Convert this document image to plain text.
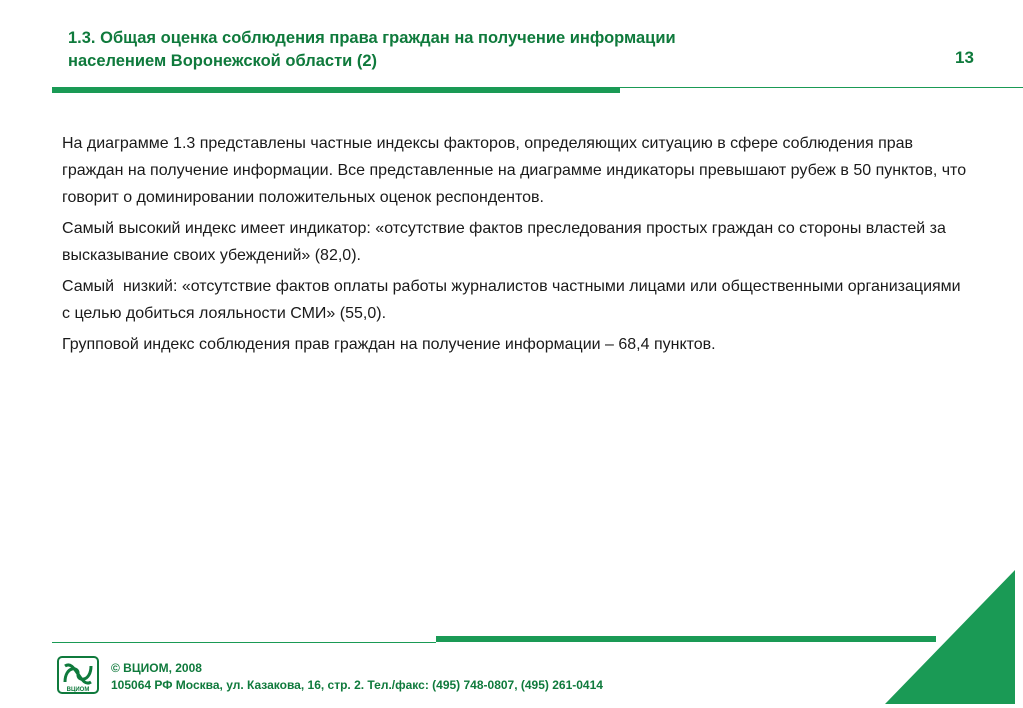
1.3. Общая оценка соблюдения права граждан на получение информации
населением Воронежской области (2)	13

На диаграмме 1.3 представлены частные индексы факторов, определяющих ситуацию в сфере соблюдения прав граждан на получение информации. Все представленные на диаграмме индикаторы превышают рубеж в 50 пунктов, что говорит о доминировании положительных оценок респондентов.

Самый высокий индекс имеет индикатор: «отсутствие фактов преследования простых граждан со стороны властей за высказывание своих убеждений» (82,0).

Самый  низкий: «отсутствие фактов оплаты работы журналистов частными лицами или общественными организациями с целью добиться лояльности СМИ» (55,0).

Групповой индекс соблюдения прав граждан на получение информации – 68,4 пунктов.

ВЦИОМ
© ВЦИОМ, 2008
105064 РФ Москва, ул. Казакова, 16, стр. 2. Тел./факс: (495) 748-0807, (495) 261-0414
